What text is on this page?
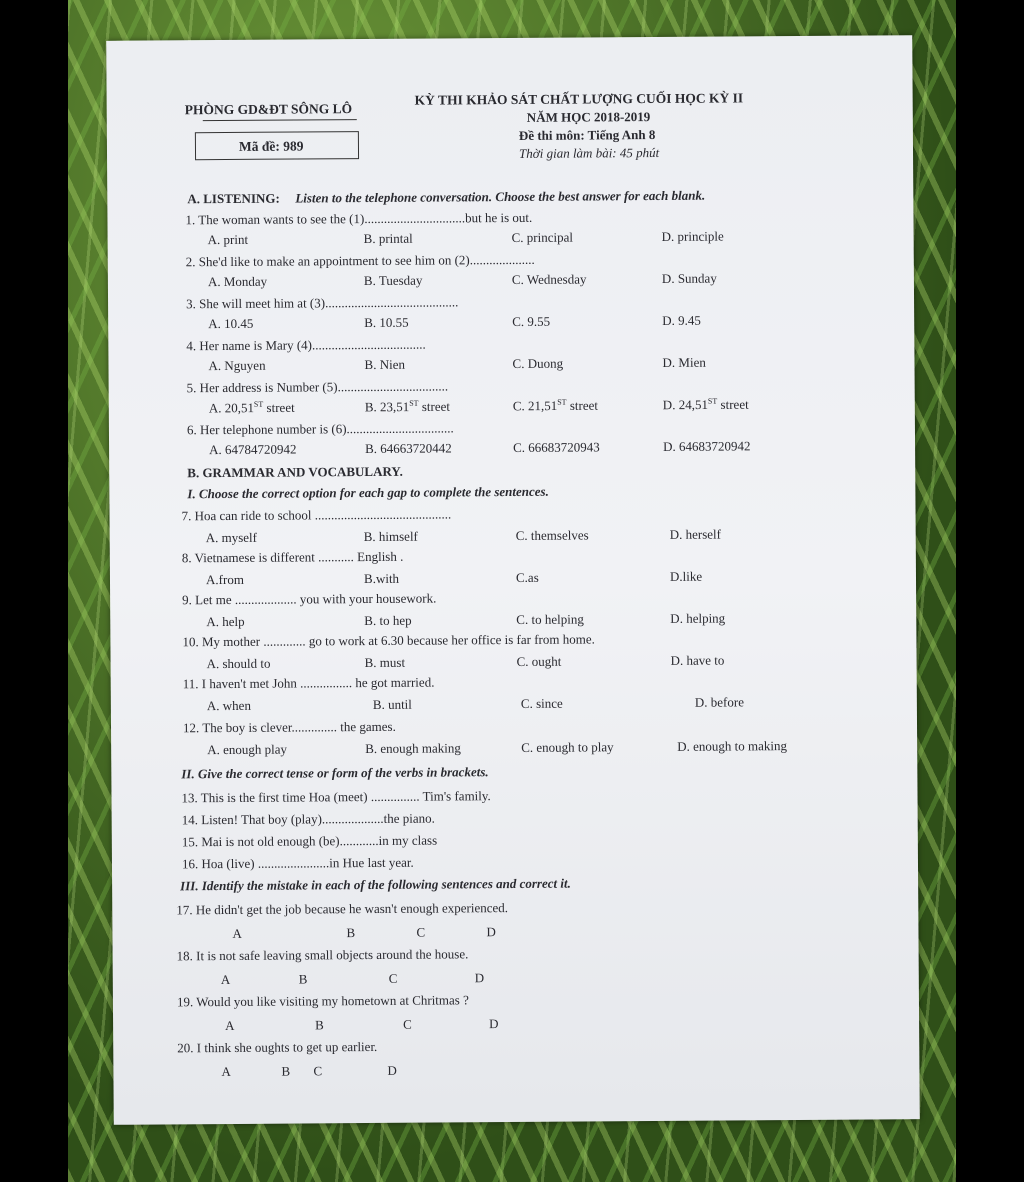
PHÒNG GD&ĐT SÔNG LÔ
Mã đề: 989
KỲ THI KHẢO SÁT CHẤT LƯỢNG CUỐI HỌC KỲ II
NĂM HỌC 2018-2019
Đề thi môn: Tiếng Anh 8
Thời gian làm bài: 45 phút
A. LISTENING: Listen to the telephone conversation. Choose the best answer for each blank.
1. The woman wants to see the (1)...............................but he is out.
A. print	B. printal	C. principal	D. principle
2. She'd like to make an appointment to see him on (2)....................
A. Monday	B. Tuesday	C. Wednesday	D. Sunday
3. She will meet him at (3).........................................
A. 10.45	B. 10.55	C. 9.55	D. 9.45
4. Her name is Mary (4)...................................
A. Nguyen	B. Nien	C. Duong	D. Mien
5. Her address is Number (5)..................................
A. 20,51ST street	B. 23,51ST street	C. 21,51ST street	D. 24,51ST street
6. Her telephone number is (6).................................
A. 64784720942	B. 64663720442	C. 66683720943	D. 64683720942
B. GRAMMAR AND VOCABULARY.
I. Choose the correct option for each gap to complete the sentences.
7. Hoa can ride to school ..........................................
A. myself	B. himself	C. themselves	D. herself
8. Vietnamese is different ........... English .
A.from	B.with	C.as	D.like
9. Let me ................... you with your housework.
A. help	B. to hep	C. to helping	D. helping
10. My mother ............. go to work at 6.30 because her office is far from home.
A. should to	B. must	C. ought	D. have to
11. I haven't met John ................ he got married.
A. when	B. until	C. since	D. before
12. The boy is clever.............. the games.
A. enough play	B. enough making	C. enough to play	D. enough to making
II. Give the correct tense or form of the verbs in brackets.
13. This is the first time Hoa (meet) ............... Tim's family.
14. Listen! That boy (play)...................the piano.
15. Mai is not old enough (be)............in my class
16. Hoa (live) ......................in Hue last year.
III. Identify the mistake in each of the following sentences and correct it.
17. He didn't get the job because he wasn't enough experienced.
A	B	C	D
18. It is not safe leaving small objects around the house.
A	B	C	D
19. Would you like visiting my hometown at Chritmas ?
A	B	C	D
20. I think she oughts to get up earlier.
A	B C	D
